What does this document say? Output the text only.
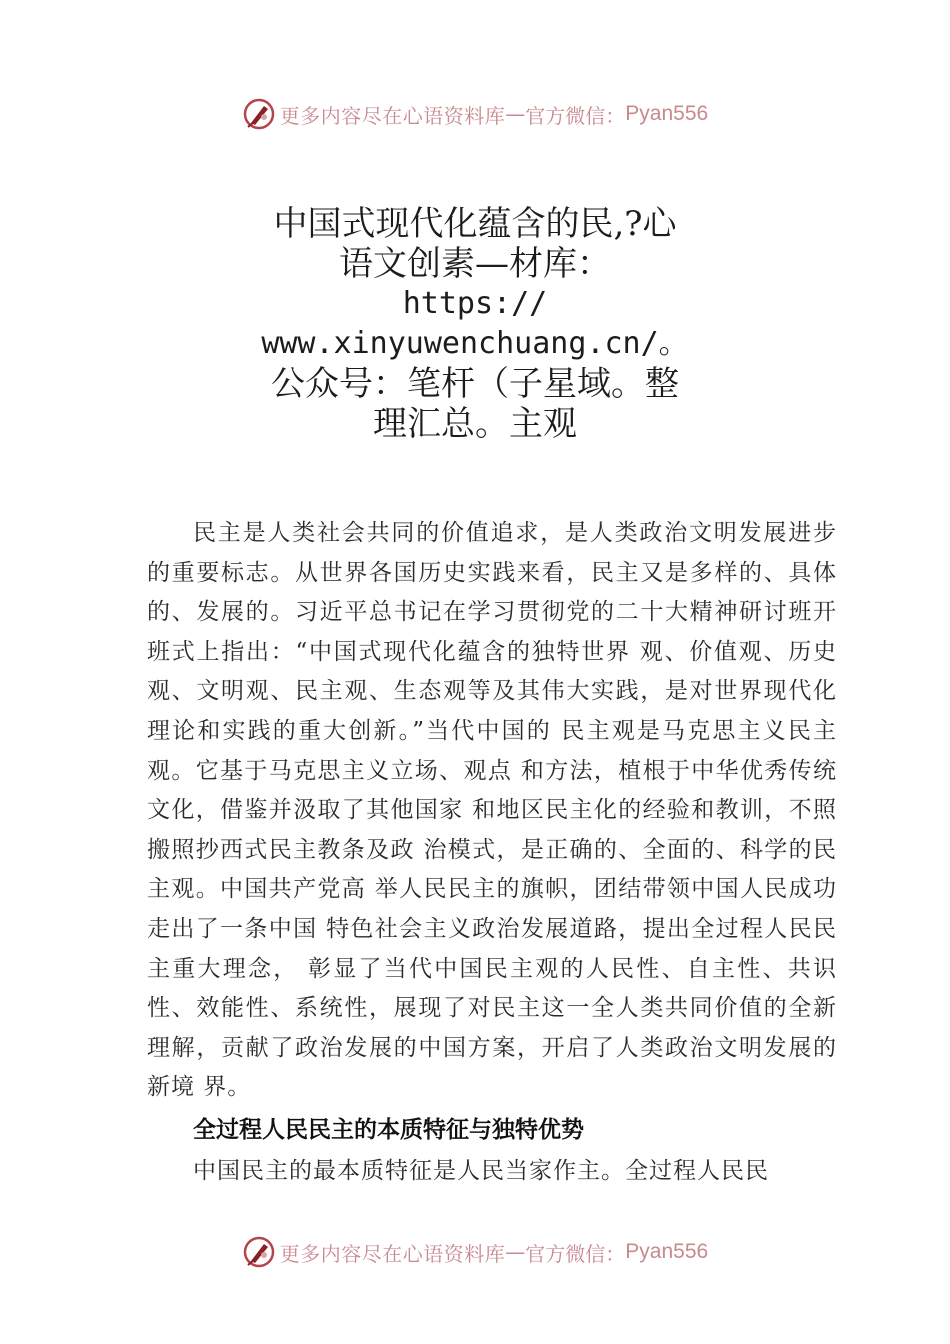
更多内容尽在心语资料库 — 官方微信： Pyan556
中国式现代化蕴含的民,?心
语文创素—材库：
https://
www.xinyuwenchuang.cn/。
公众号：笔杆（子星域。整
理汇总。主观

民主是人类社会共同的价值追求，是人类政治文明发展进步的重要标志。从世界各国历史实践来看，民主又是多样的、具体的、发展的。习近平总书记在学习贯彻党的二十大精神研讨班开班式上指出：“中国式现代化蕴含的独特世界 观、价值观、历史观、文明观、民主观、生态观等及其伟大实践，是对世界现代化理论和实践的重大创新。”当代中国的 民主观是马克思主义民主观。它基于马克思主义立场、观点 和方法，植根于中华优秀传统文化，借鉴并汲取了其他国家 和地区民主化的经验和教训，不照搬照抄西式民主教条及政 治模式，是正确的、全面的、科学的民主观。中国共产党高 举人民民主的旗帜，团结带领中国人民成功走出了一条中国 特色社会主义政治发展道路，提出全过程人民民主重大理念， 彰显了当代中国民主观的人民性、自主性、共识性、效能性、系统性，展现了对民主这一全人类共同价值的全新理解，贡献了政治发展的中国方案，开启了人类政治文明发展的新境 界。

全过程人民民主的本质特征与独特优势

中国民主的最本质特征是人民当家作主。全过程人民民

更多内容尽在心语资料库 — 官方微信： Pyan556
